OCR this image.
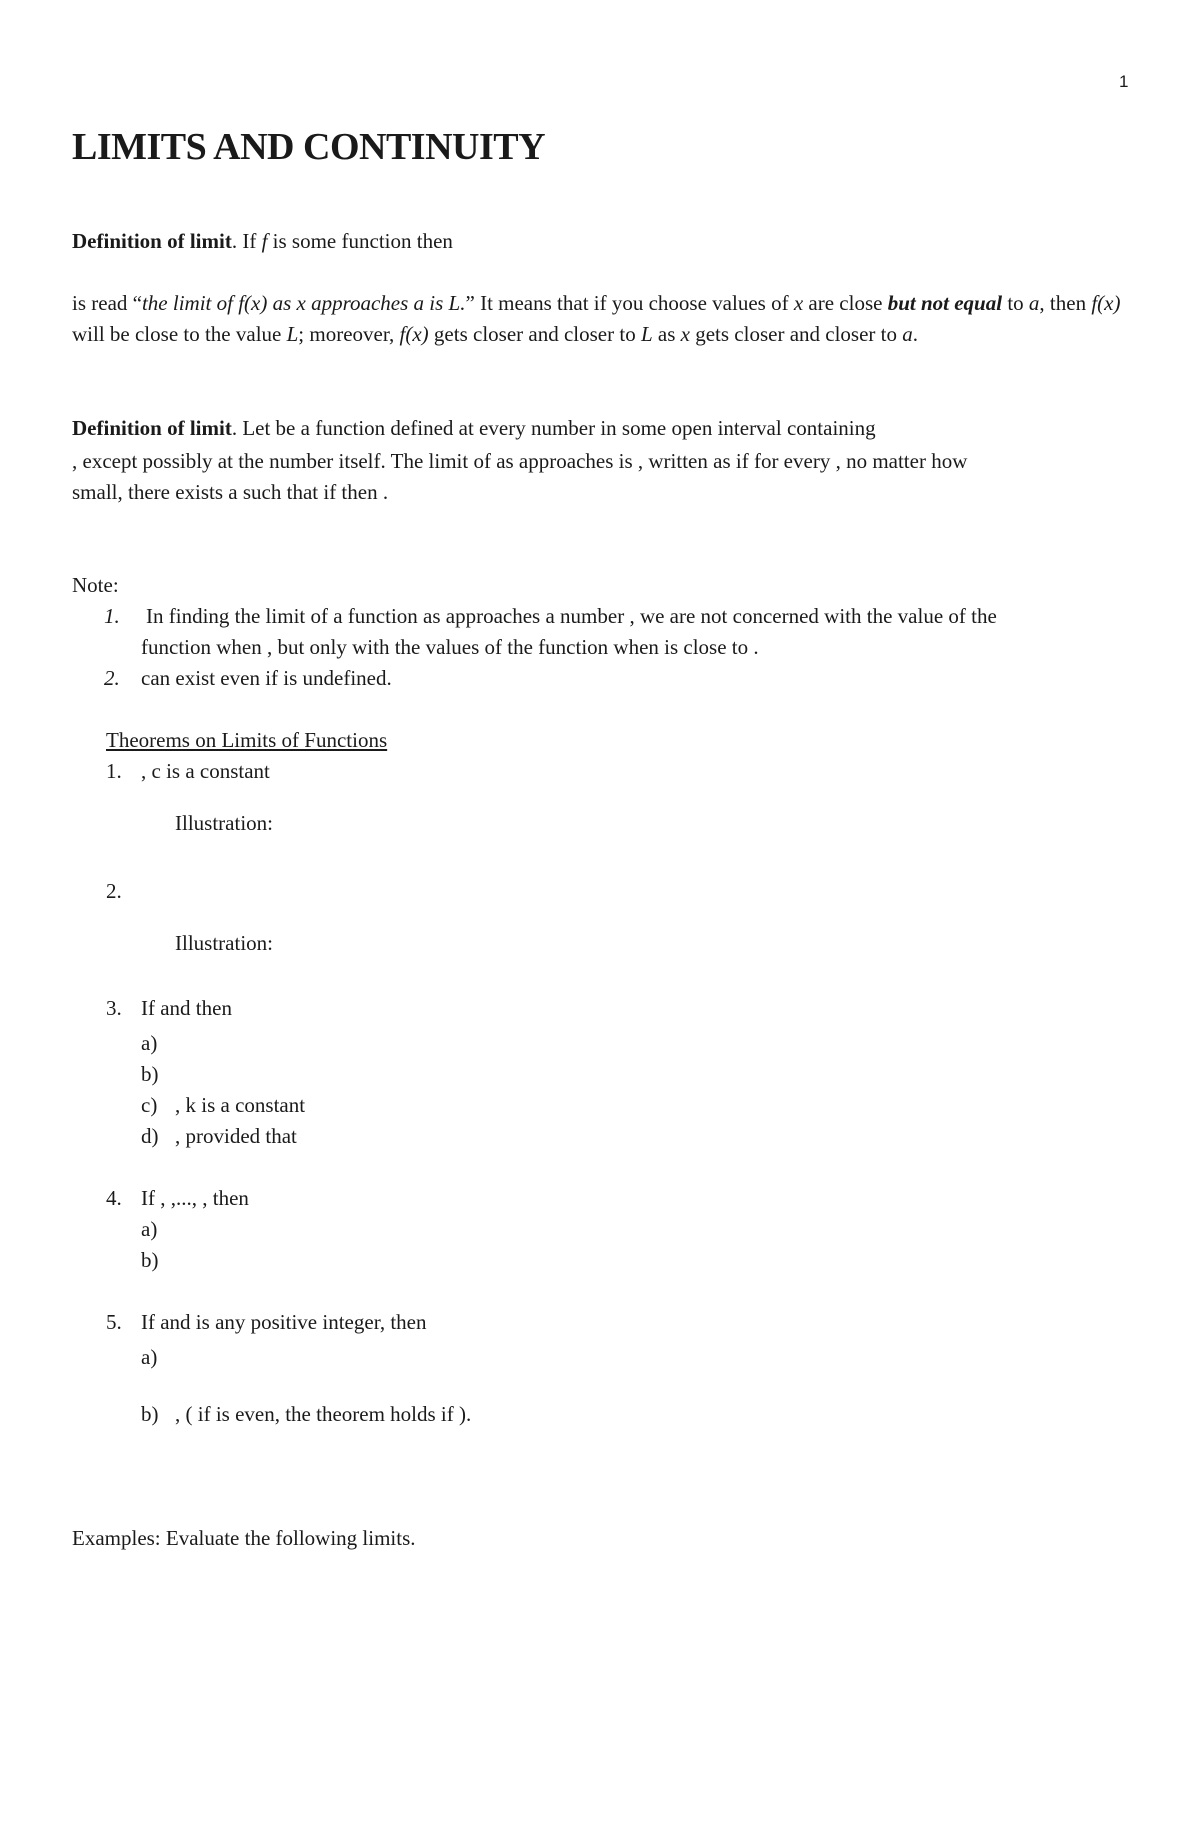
1
LIMITS AND CONTINUITY
Definition of limit. If f is some function then
is read “the limit of f(x) as x approaches a is L.” It means that if you choose values of x are close but not equal to a, then f(x) will be close to the value L; moreover, f(x) gets closer and closer to L as x gets closer and closer to a.
Definition of limit. Let be a function defined at every number in some open interval containing
, except possibly at the number itself. The limit of as approaches is , written as if for every , no matter how
small, there exists a such that if then .
Note:
1. In finding the limit of a function as approaches a number , we are not concerned with the value of the
function when , but only with the values of the function when is close to .
2. can exist even if is undefined.
Theorems on Limits of Functions
1. , c is a constant
Illustration:
2.
Illustration:
3. If and then
a)
b)
c) , k is a constant
d) , provided that
4. If , ,..., , then
a)
b)
5. If and is any positive integer, then
a)
b) , ( if is even, the theorem holds if ).
Examples: Evaluate the following limits.
